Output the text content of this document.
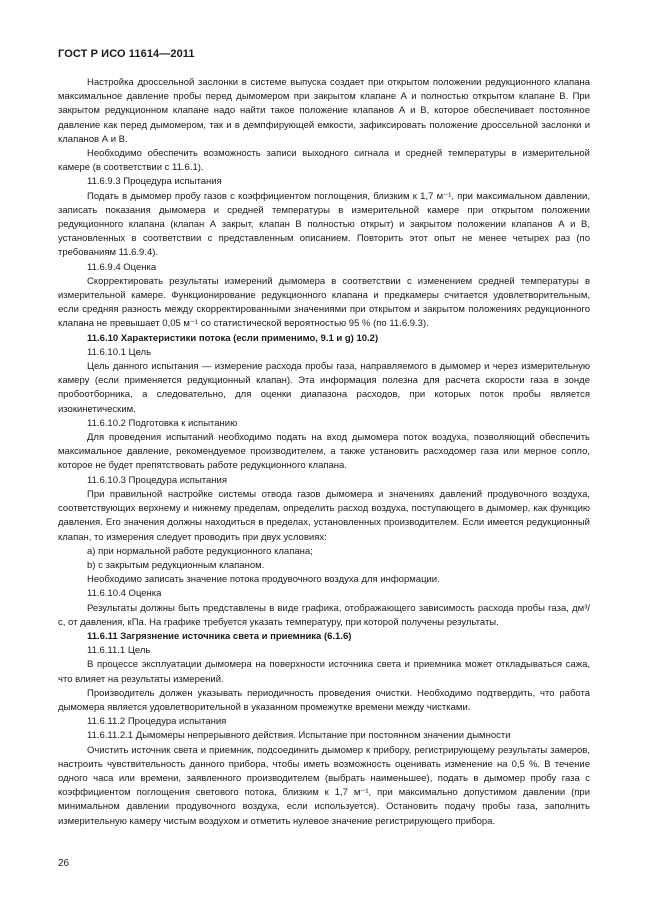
ГОСТ Р ИСО 11614—2011

Настройка дроссельной заслонки в системе выпуска создает при открытом положении редукционного клапана максимальное давление пробы перед дымомером при закрытом клапане А и полностью открытом клапане В. При закрытом редукционном клапане надо найти такое положение клапанов А и В, которое обеспечивает постоянное давление как перед дымомером, так и в демпфирующей емкости, зафиксировать положение дроссельной заслонки и клапанов А и В.

Необходимо обеспечить возможность записи выходного сигнала и средней температуры в измерительной камере (в соответствии с 11.6.1).

11.6.9.3 Процедура испытания

Подать в дымомер пробу газов с коэффициентом поглощения, близким к 1,7 м⁻¹, при максимальном давлении, записать показания дымомера и средней температуры в измерительной камере при открытом положении редукционного клапана (клапан А закрыт, клапан В полностью открыт) и закрытом положении клапанов А и В, установленных в соответствии с представленным описанием. Повторить этот опыт не менее четырех раз (по требованиям 11.6.9.4).

11.6.9.4 Оценка

Скорректировать результаты измерений дымомера в соответствии с изменением средней температуры в измерительной камере. Функционирование редукционного клапана и предкамеры считается удовлетворительным, если средняя разность между скорректированными значениями при открытом и закрытом положениях редукционного клапана не превышает 0,05 м⁻¹ со статистической вероятностью 95 % (по 11.6.9.3).

11.6.10 Характеристики потока (если применимо, 9.1 и g) 10.2)

11.6.10.1 Цель

Цель данного испытания — измерение расхода пробы газа, направляемого в дымомер и через измерительную камеру (если применяется редукционный клапан). Эта информация полезна для расчета скорости газа в зонде пробоотборника, а следовательно, для оценки диапазона расходов, при которых поток пробы является изокинетическим.

11.6.10.2 Подготовка к испытанию

Для проведения испытаний необходимо подать на вход дымомера поток воздуха, позволяющий обеспечить максимальное давление, рекомендуемое производителем, а также установить расходомер газа или мерное сопло, которое не будет препятствовать работе редукционного клапана.

11.6.10.3 Процедура испытания

При правильной настройке системы отвода газов дымомера и значениях давлений продувочного воздуха, соответствующих верхнему и нижнему пределам, определить расход воздуха, поступающего в дымомер, как функцию давления. Его значения должны находиться в пределах, установленных производителем. Если имеется редукционный клапан, то измерения следует проводить при двух условиях:

а) при нормальной работе редукционного клапана;

b) с закрытым редукционным клапаном.

Необходимо записать значение потока продувочного воздуха для информации.

11.6.10.4 Оценка

Результаты должны быть представлены в виде графика, отображающего зависимость расхода пробы газа, дм³/с, от давления, кПа. На графике требуется указать температуру, при которой получены результаты.

11.6.11 Загрязнение источника света и приемника (6.1.6)

11.6.11.1 Цель

В процессе эксплуатации дымомера на поверхности источника света и приемника может откладываться сажа, что влияет на результаты измерений.

Производитель должен указывать периодичность проведения очистки. Необходимо подтвердить, что работа дымомера является удовлетворительной в указанном промежутке времени между чистками.

11.6.11.2 Процедура испытания

11.6.11.2.1 Дымомеры непрерывного действия. Испытание при постоянном значении дымности

Очистить источник света и приемник, подсоединить дымомер к прибору, регистрирующему результаты замеров, настроить чувствительность данного прибора, чтобы иметь возможность оценивать изменение на 0,5 %. В течение одного часа или времени, заявленного производителем (выбрать наименьшее), подать в дымомер пробу газа с коэффициентом поглощения светового потока, близким к 1,7 м⁻¹, при максимально допустимом давлении (при минимальном давлении продувочного воздуха, если используется). Остановить подачу пробы газа, заполнить измерительную камеру чистым воздухом и отметить нулевое значение регистрирующего прибора.

26
